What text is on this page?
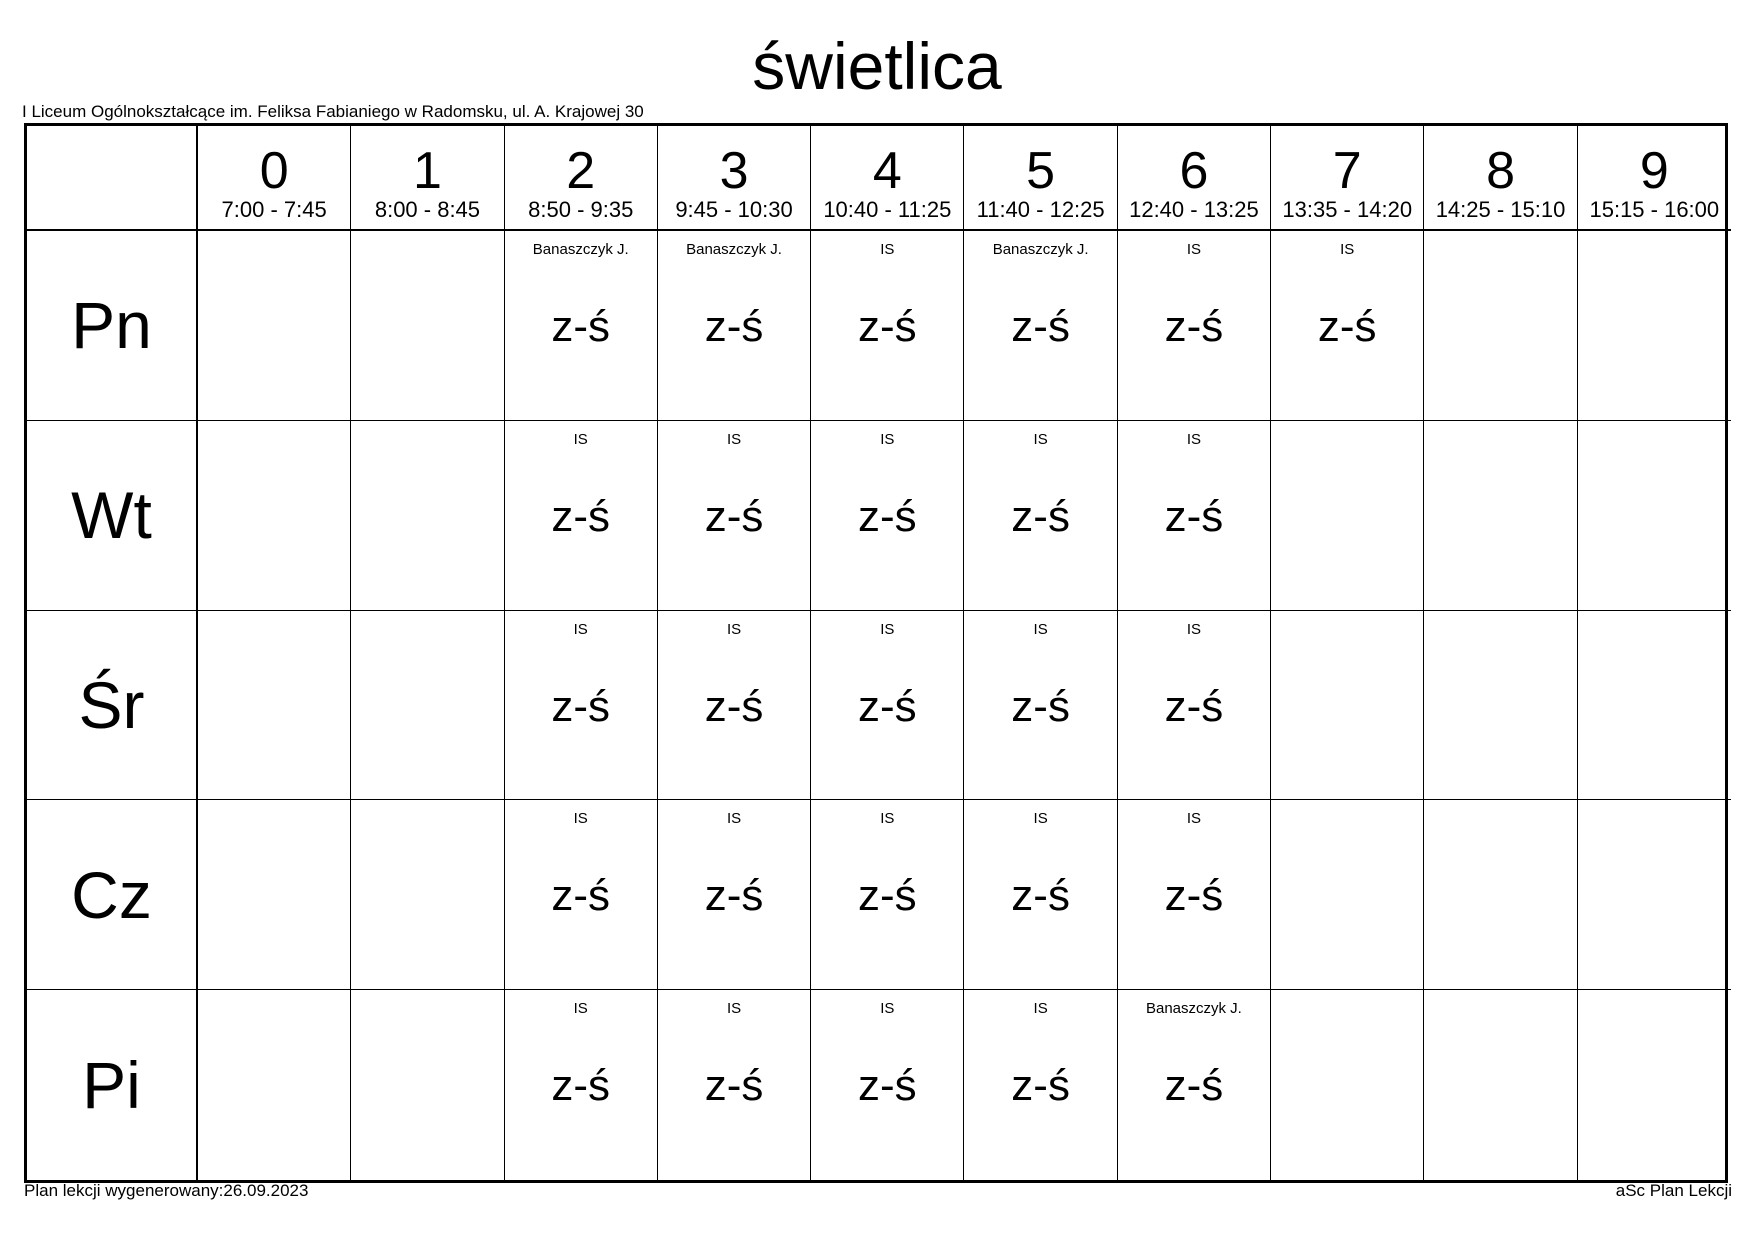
świetlica
I Liceum Ogólnokształcące im. Feliksa Fabianiego w Radomsku, ul. A. Krajowej 30
0
7:00 - 7:45
1
8:00 - 8:45
2
8:50 - 9:35
3
9:45 - 10:30
4
10:40 - 11:25
5
11:40 - 12:25
6
12:40 - 13:25
7
13:35 - 14:20
8
14:25 - 15:10
9
15:15 - 16:00
Pn
Banaszczyk J.
z-ś
Banaszczyk J.
z-ś
IS
z-ś
Banaszczyk J.
z-ś
IS
z-ś
IS
z-ś
Wt
IS
z-ś
IS
z-ś
IS
z-ś
IS
z-ś
IS
z-ś
Śr
IS
z-ś
IS
z-ś
IS
z-ś
IS
z-ś
IS
z-ś
Cz
IS
z-ś
IS
z-ś
IS
z-ś
IS
z-ś
IS
z-ś
Pi
IS
z-ś
IS
z-ś
IS
z-ś
IS
z-ś
Banaszczyk J.
z-ś
Plan lekcji wygenerowany:26.09.2023	aSc Plan Lekcji
